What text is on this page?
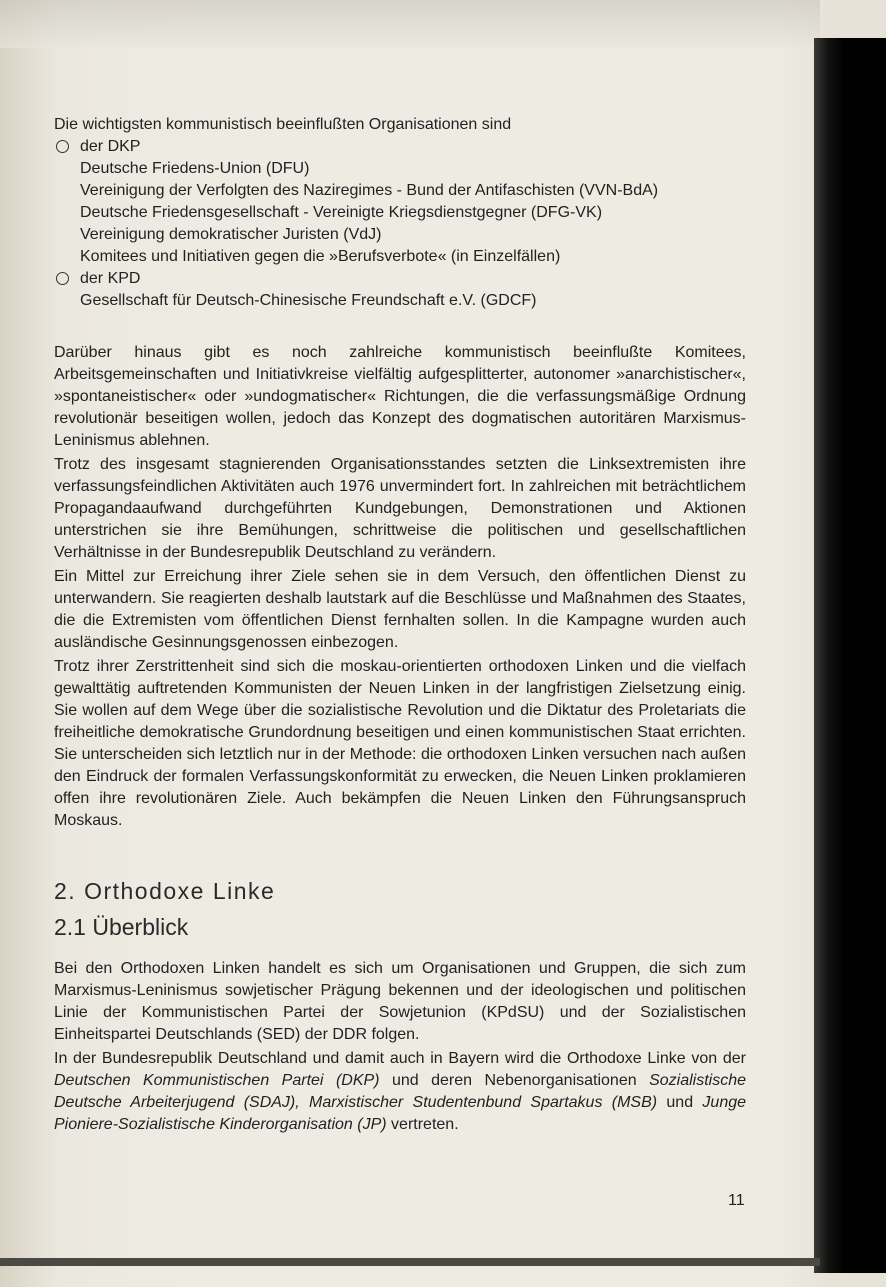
Die wichtigsten kommunistisch beeinflußten Organisationen sind

der DKP
Deutsche Friedens-Union (DFU)
Vereinigung der Verfolgten des Naziregimes - Bund der Antifaschisten (VVN-BdA)
Deutsche Friedensgesellschaft - Vereinigte Kriegsdienstgegner (DFG-VK)
Vereinigung demokratischer Juristen (VdJ)
Komitees und Initiativen gegen die »Berufsverbote« (in Einzelfällen)
der KPD
Gesellschaft für Deutsch-Chinesische Freundschaft e.V. (GDCF)

Darüber hinaus gibt es noch zahlreiche kommunistisch beeinflußte Komitees, Arbeitsgemeinschaften und Initiativkreise vielfältig aufgesplitterter, autonomer »anarchistischer«, »spontaneistischer« oder »undogmatischer« Richtungen, die die verfassungsmäßige Ordnung revolutionär beseitigen wollen, jedoch das Konzept des dogmatischen autoritären Marxismus-Leninismus ablehnen.

Trotz des insgesamt stagnierenden Organisationsstandes setzten die Linksextremisten ihre verfassungsfeindlichen Aktivitäten auch 1976 unvermindert fort. In zahlreichen mit beträchtlichem Propagandaaufwand durchgeführten Kundgebungen, Demonstrationen und Aktionen unterstrichen sie ihre Bemühungen, schrittweise die politischen und gesellschaftlichen Verhältnisse in der Bundesrepublik Deutschland zu verändern.

Ein Mittel zur Erreichung ihrer Ziele sehen sie in dem Versuch, den öffentlichen Dienst zu unterwandern. Sie reagierten deshalb lautstark auf die Beschlüsse und Maßnahmen des Staates, die die Extremisten vom öffentlichen Dienst fernhalten sollen. In die Kampagne wurden auch ausländische Gesinnungsgenossen einbezogen.

Trotz ihrer Zerstrittenheit sind sich die moskau-orientierten orthodoxen Linken und die vielfach gewalttätig auftretenden Kommunisten der Neuen Linken in der langfristigen Zielsetzung einig. Sie wollen auf dem Wege über die sozialistische Revolution und die Diktatur des Proletariats die freiheitliche demokratische Grundordnung beseitigen und einen kommunistischen Staat errichten. Sie unterscheiden sich letztlich nur in der Methode: die orthodoxen Linken versuchen nach außen den Eindruck der formalen Verfassungskonformität zu erwecken, die Neuen Linken proklamieren offen ihre revolutionären Ziele. Auch bekämpfen die Neuen Linken den Führungsanspruch Moskaus.

2. Orthodoxe Linke
2.1 Überblick

Bei den Orthodoxen Linken handelt es sich um Organisationen und Gruppen, die sich zum Marxismus-Leninismus sowjetischer Prägung bekennen und der ideologischen und politischen Linie der Kommunistischen Partei der Sowjetunion (KPdSU) und der Sozialistischen Einheitspartei Deutschlands (SED) der DDR folgen.

In der Bundesrepublik Deutschland und damit auch in Bayern wird die Orthodoxe Linke von der Deutschen Kommunistischen Partei (DKP) und deren Nebenorganisationen Sozialistische Deutsche Arbeiterjugend (SDAJ), Marxistischer Studentenbund Spartakus (MSB) und Junge Pioniere-Sozialistische Kinderorganisation (JP) vertreten.

11
